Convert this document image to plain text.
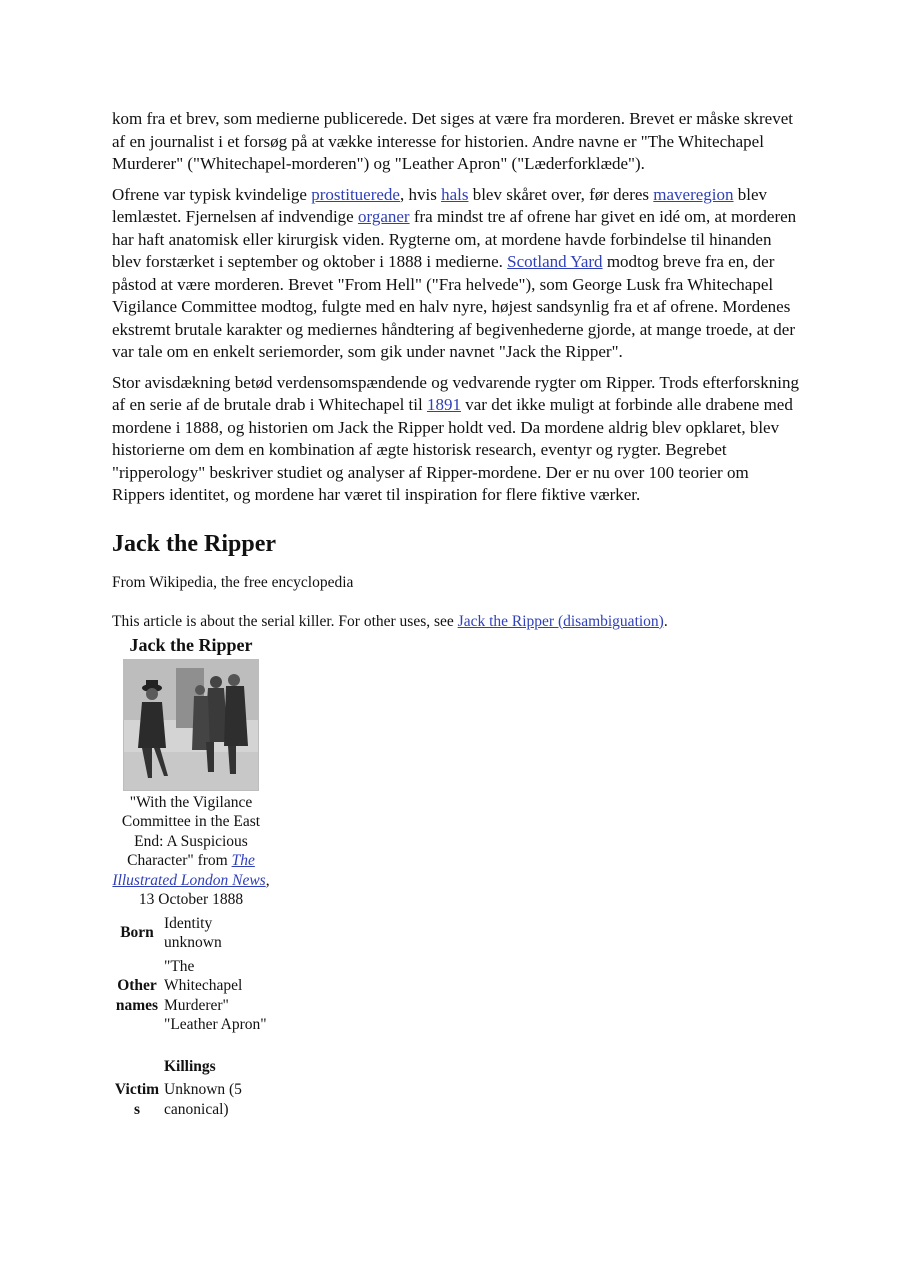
kom fra et brev, som medierne publicerede. Det siges at være fra morderen. Brevet er måske skrevet af en journalist i et forsøg på at vække interesse for historien. Andre navne er "The Whitechapel Murderer" ("Whitechapel-morderen") og "Leather Apron" ("Læderforklæde").

Ofrene var typisk kvindelige prostituerede, hvis hals blev skåret over, før deres maveregion blev lemlæstet. Fjernelsen af indvendige organer fra mindst tre af ofrene har givet en idé om, at morderen har haft anatomisk eller kirurgisk viden. Rygterne om, at mordene havde forbindelse til hinanden blev forstærket i september og oktober i 1888 i medierne. Scotland Yard modtog breve fra en, der påstod at være morderen. Brevet "From Hell" ("Fra helvede"), som George Lusk fra Whitechapel Vigilance Committee modtog, fulgte med en halv nyre, højest sandsynlig fra et af ofrene. Mordenes ekstremt brutale karakter og mediernes håndtering af begivenhederne gjorde, at mange troede, at der var tale om en enkelt seriemorder, som gik under navnet "Jack the Ripper".

Stor avisdækning betød verdensomspændende og vedvarende rygter om Ripper. Trods efterforskning af en serie af de brutale drab i Whitechapel til 1891 var det ikke muligt at forbinde alle drabene med mordene i 1888, og historien om Jack the Ripper holdt ved. Da mordene aldrig blev opklaret, blev historierne om dem en kombination af ægte historisk research, eventyr og rygter. Begrebet "ripperology" beskriver studiet og analyser af Ripper-mordene. Der er nu over 100 teorier om Rippers identitet, og mordene har været til inspiration for flere fiktive værker.

Jack the Ripper
From Wikipedia, the free encyclopedia
This article is about the serial killer. For other uses, see Jack the Ripper (disambiguation).
Jack the Ripper
"With the Vigilance Committee in the East End: A Suspicious Character" from The Illustrated London News, 13 October 1888
Born	Identity unknown
Other names	"The Whitechapel Murderer" "Leather Apron"
	Killings
Victims	Unknown (5 canonical)
